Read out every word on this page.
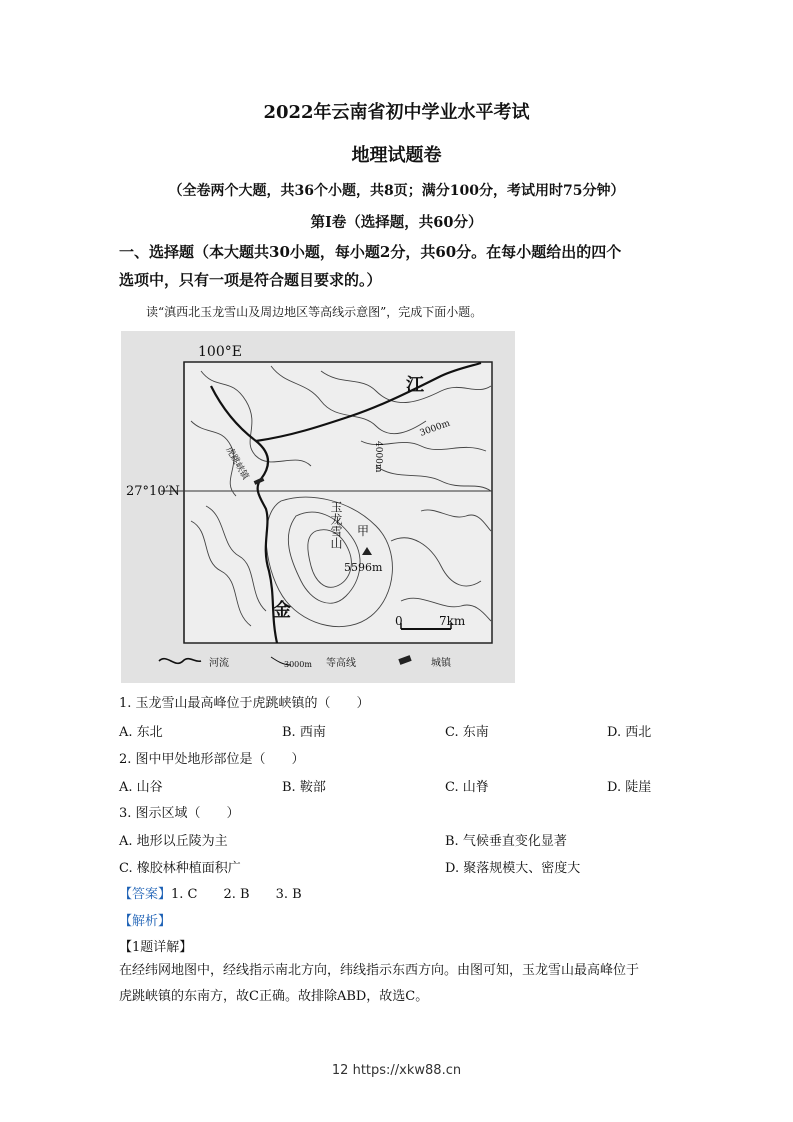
2022年云南省初中学业水平考试
地理试题卷
（全卷两个大题，共36个小题，共8页；满分100分，考试用时75分钟）
第Ⅰ卷（选择题，共60分）
一、选择题（本大题共30小题，每小题2分，共60分。在每小题给出的四个
选项中，只有一项是符合题目要求的。）
读“滇西北玉龙雪山及周边地区等高线示意图”，完成下面小题。
100°E
27°10′N
江
金
虎跳峡镇
5596m
玉龙雪山 甲
4000m
3000m
0	7km
河流	3000m 等高线	城镇
1. 玉龙雪山最高峰位于虎跳峡镇的（　　）
A. 东北	B. 西南	C. 东南	D. 西北
2. 图中甲处地形部位是（　　）
A. 山谷	B. 鞍部	C. 山脊	D. 陡崖
3. 图示区域（　　）
A. 地形以丘陵为主	B. 气候垂直变化显著
C. 橡胶林种植面积广	D. 聚落规模大、密度大
【答案】1. C　　2. B　　3. B
【解析】
【1题详解】
在经纬网地图中，经线指示南北方向，纬线指示东西方向。由图可知，玉龙雪山最高峰位于
虎跳峡镇的东南方，故C正确。故排除ABD，故选C。
12 https://xkw88.cn
